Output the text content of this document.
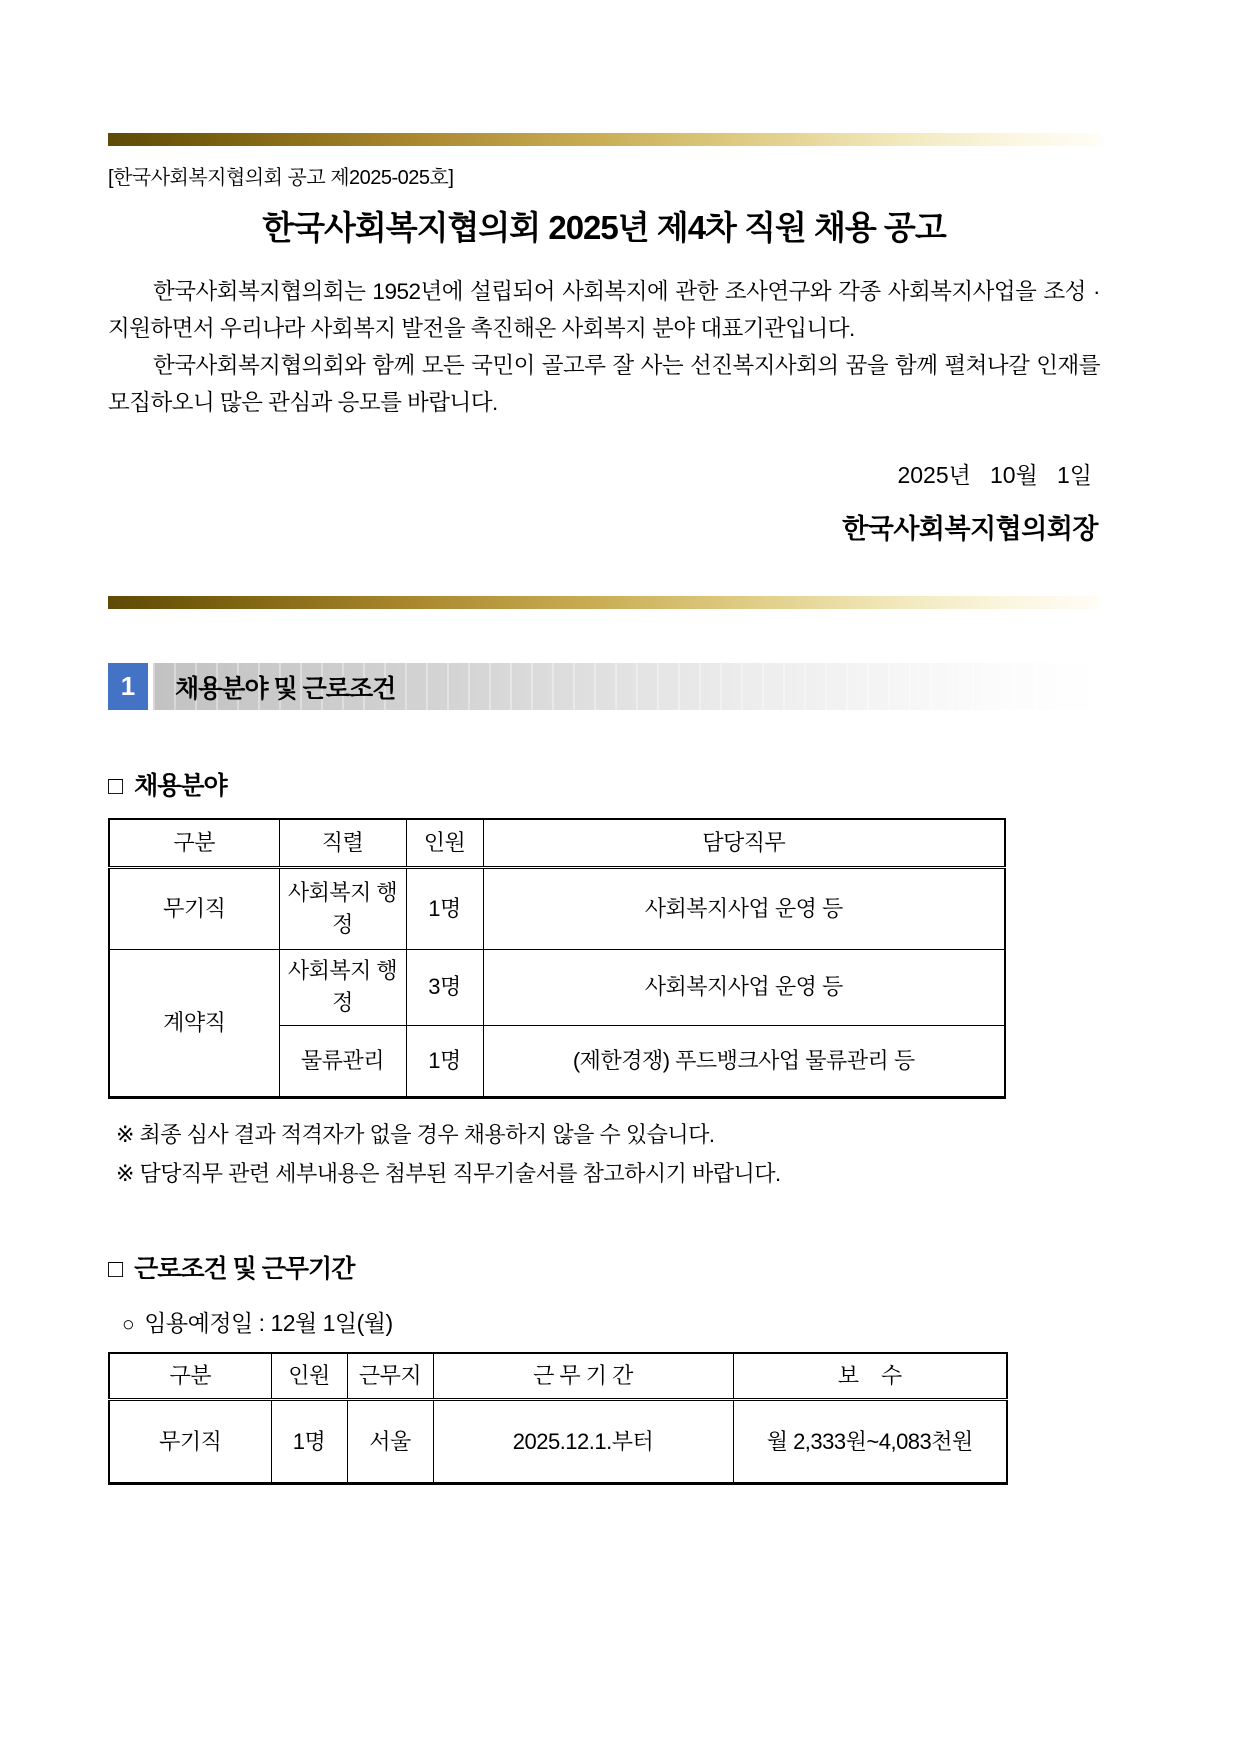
[한국사회복지협의회 공고 제2025-025호]
한국사회복지협의회 2025년 제4차 직원 채용 공고

한국사회복지협의회는 1952년에 설립되어 사회복지에 관한 조사연구와 각종 사회복지사업을 조성 · 지원하면서 우리나라 사회복지 발전을 촉진해온 사회복지 분야 대표기관입니다.

한국사회복지협의회와 함께 모든 국민이 골고루 잘 사는 선진복지사회의 꿈을 함께 펼쳐나갈 인재를 모집하오니 많은 관심과 응모를 바랍니다.

2025년   10월   1일
한국사회복지협의회장
1	채용분야 및 근로조건
□ 채용분야
구분	직렬	인원	담당직무
무기직	사회복지 행정	1명	사회복지사업 운영 등
계약직	사회복지 행정	3명	사회복지사업 운영 등
	물류관리	1명	(제한경쟁) 푸드뱅크사업 물류관리 등
※ 최종 심사 결과 적격자가 없을 경우 채용하지 않을 수 있습니다.
※ 담당직무 관련 세부내용은 첨부된 직무기술서를 참고하시기 바랍니다.
□ 근로조건 및 근무기간
○ 임용예정일 : 12월 1일(월)
구분	인원	근무지	근 무 기 간	보    수
무기직	1명	서울	2025.12.1.부터	월 2,333원~4,083천원
